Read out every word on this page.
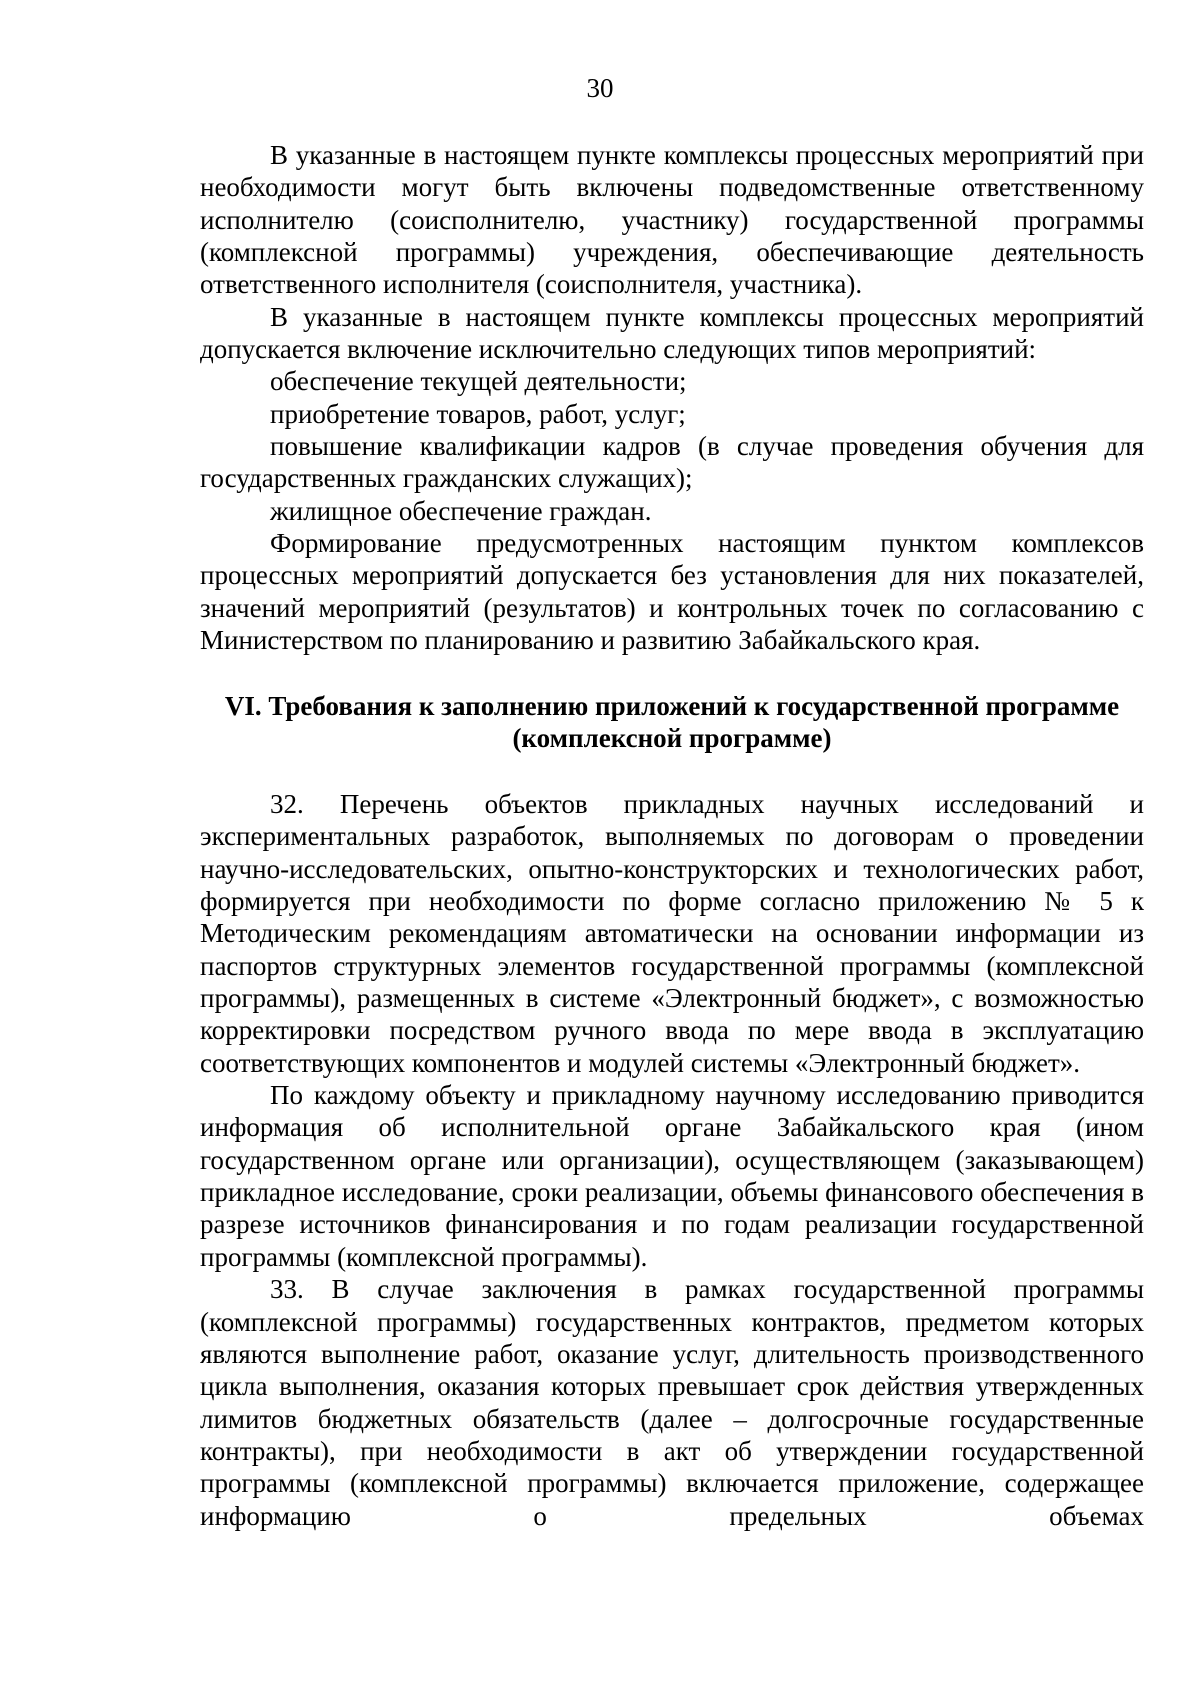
30

В указанные в настоящем пункте комплексы процессных мероприятий при необходимости могут быть включены подведомственные ответственному исполнителю (соисполнителю, участнику) государственной программы (комплексной программы) учреждения, обеспечивающие деятельность ответственного исполнителя (соисполнителя, участника).

В указанные в настоящем пункте комплексы процессных мероприятий допускается включение исключительно следующих типов мероприятий:

обеспечение текущей деятельности;

приобретение товаров, работ, услуг;

повышение квалификации кадров (в случае проведения обучения для государственных гражданских служащих);

жилищное обеспечение граждан.

Формирование предусмотренных настоящим пунктом комплексов процессных мероприятий допускается без установления для них показателей, значений мероприятий (результатов) и контрольных точек по согласованию с Министерством по планированию и развитию Забайкальского края.

VI. Требования к заполнению приложений к государственной программе (комплексной программе)

32. Перечень объектов прикладных научных исследований и экспериментальных разработок, выполняемых по договорам о проведении научно-исследовательских, опытно-конструкторских и технологических работ, формируется при необходимости по форме согласно приложению № 5 к Методическим рекомендациям автоматически на основании информации из паспортов структурных элементов государственной программы (комплексной программы), размещенных в системе «Электронный бюджет», с возможностью корректировки посредством ручного ввода по мере ввода в эксплуатацию соответствующих компонентов и модулей системы «Электронный бюджет».

По каждому объекту и прикладному научному исследованию приводится информация об исполнительной органе Забайкальского края (ином государственном органе или организации), осуществляющем (заказывающем) прикладное исследование, сроки реализации, объемы финансового обеспечения в разрезе источников финансирования и по годам реализации государственной программы (комплексной программы).

33. В случае заключения в рамках государственной программы (комплексной программы) государственных контрактов, предметом которых являются выполнение работ, оказание услуг, длительность производственного цикла выполнения, оказания которых превышает срок действия утвержденных лимитов бюджетных обязательств (далее – долгосрочные государственные контракты), при необходимости в акт об утверждении государственной программы (комплексной программы) включается приложение, содержащее информацию о предельных объемах
